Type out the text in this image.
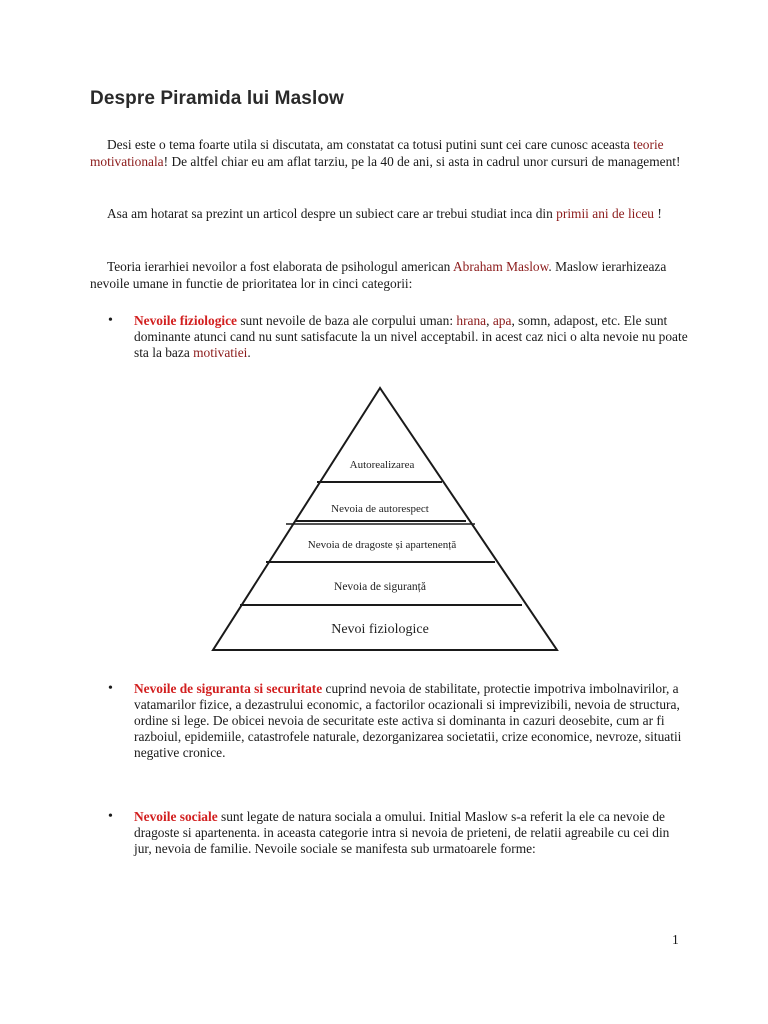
Despre Piramida lui Maslow

Desi este o tema foarte utila si discutata, am constatat ca totusi putini sunt cei care cunosc aceasta teorie motivationala! De altfel chiar eu am aflat tarziu, pe la 40 de ani, si asta in cadrul unor cursuri de management!

Asa am hotarat sa prezint un articol despre un subiect care ar trebui studiat inca din primii ani de liceu !

Teoria ierarhiei nevoilor a fost elaborata de psihologul american Abraham Maslow. Maslow ierarhizeaza nevoile umane in functie de prioritatea lor in cinci categorii:

• Nevoile fiziologice sunt nevoile de baza ale corpului uman: hrana, apa, somn, adapost, etc. Ele sunt dominante atunci cand nu sunt satisfacute la un nivel acceptabil. in acest caz nici o alta nevoie nu poate sta la baza motivatiei.
Autorealizarea
Nevoia de autorespect
Nevoia de dragoste și apartenență
Nevoia de siguranță
Nevoi fiziologice
• Nevoile de siguranta si securitate cuprind nevoia de stabilitate, protectie impotriva imbolnavirilor, a vatamarilor fizice, a dezastrului economic, a factorilor ocazionali si imprevizibili, nevoia de structura, ordine si lege. De obicei nevoia de securitate este activa si dominanta in cazuri deosebite, cum ar fi razboiul, epidemiile, catastrofele naturale, dezorganizarea societatii, crize economice, nevroze, situatii negative cronice.
• Nevoile sociale sunt legate de natura sociala a omului. Initial Maslow s-a referit la ele ca nevoie de dragoste si apartenenta. in aceasta categorie intra si nevoia de prieteni, de relatii agreabile cu cei din jur, nevoia de familie. Nevoile sociale se manifesta sub urmatoarele forme:
1
